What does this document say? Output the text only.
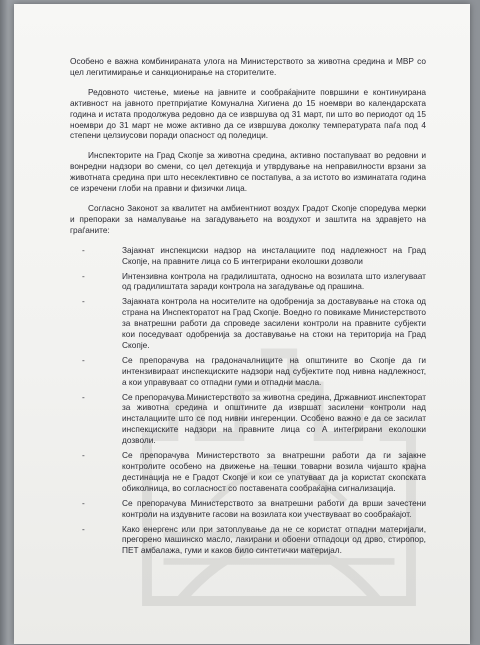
Особено е важна комбинираната улога на Министерството за животна средина и МВР со цел легитимирање и санкционирање на сторителите.

Редовното чистење, миење на јавните и сообраќајните површини е континуирана активност на јавното претпријатие Комунална Хигиена до 15 ноември во календарската година и истата продолжува редовно да се извршува од 31 март, пи што во периодот од 15 ноември до 31 март не може активно да се извршува доколку температурата паѓа под 4 степени целзиусови поради опасност од поледици.

Инспекторите на Град Скопје за животна средина, активно постапуваат во редовни и вонредни надзори во смени, со цел детекција и утврдување на неправилности врзани за животната средина при што несеклективно се постапува, а за истото во изминатата година се изречени глоби на правни и физички лица.

Согласно Законот за квалитет на амбиентниот воздух Градот Скопје споредува мерки и препораки за намалување на загадувањето на воздухот и заштита на здравјето на граѓаните:

-	Зајакнат инспекциски надзор на инсталациите под надлежност на Град Скопје, на правните лица со Б интегрирани еколошки дозволи
-	Интензивна контрола на градилиштата, односно на возилата што излегуваат од градилиштата заради контрола на загадување од прашина.
-	Зајакната контрола на носителите на одобренија за доставување на стока од страна на Инспекторатот на Град Скопје. Воедно го повикаме Министерството за внатрешни работи да спроведе засилени контроли на правните субјекти кои поседуваат одобренија за доставување на стоки на територија на Град Скопје.
-	Се препорачува на градоначалниците на општините во Скопје да ги интензивираат инспекциските надзори над субјектите под нивна надлежност, а кои управуваат со отпадни гуми и отпадни масла.
-	Се препорачува Министерството за животна средина, Државниот инспекторат за животна средина и општините да извршат засилени контроли над инсталациите што се под нивни ингеренции. Особено важно е да се засилат инспекциските надзори на правните лица со А интегрирани еколошки дозволи.
-	Се препорачува Министерството за внатрешни работи да ги зајакне контролите особено на движење на тешки товарни возила чијашто крајна дестинација не е Градот Скопје и кои се упатуваат да ја користат скопската обиколница, во согласност со поставената сообраќајна сигнализација.
-	Се препорачува Министерството за внатрешни работи да врши зачестени контроли на издувните гасови на возилата кои учествуваат во сообраќајот.
-	Како енергенс или при затоплување да не се користат отпадни материјали, прегорено машинско масло, лакирани и обоени отпадоци од дрво, стиропор, ПЕТ амбалажа, гуми и каков било синтетички материјал.
